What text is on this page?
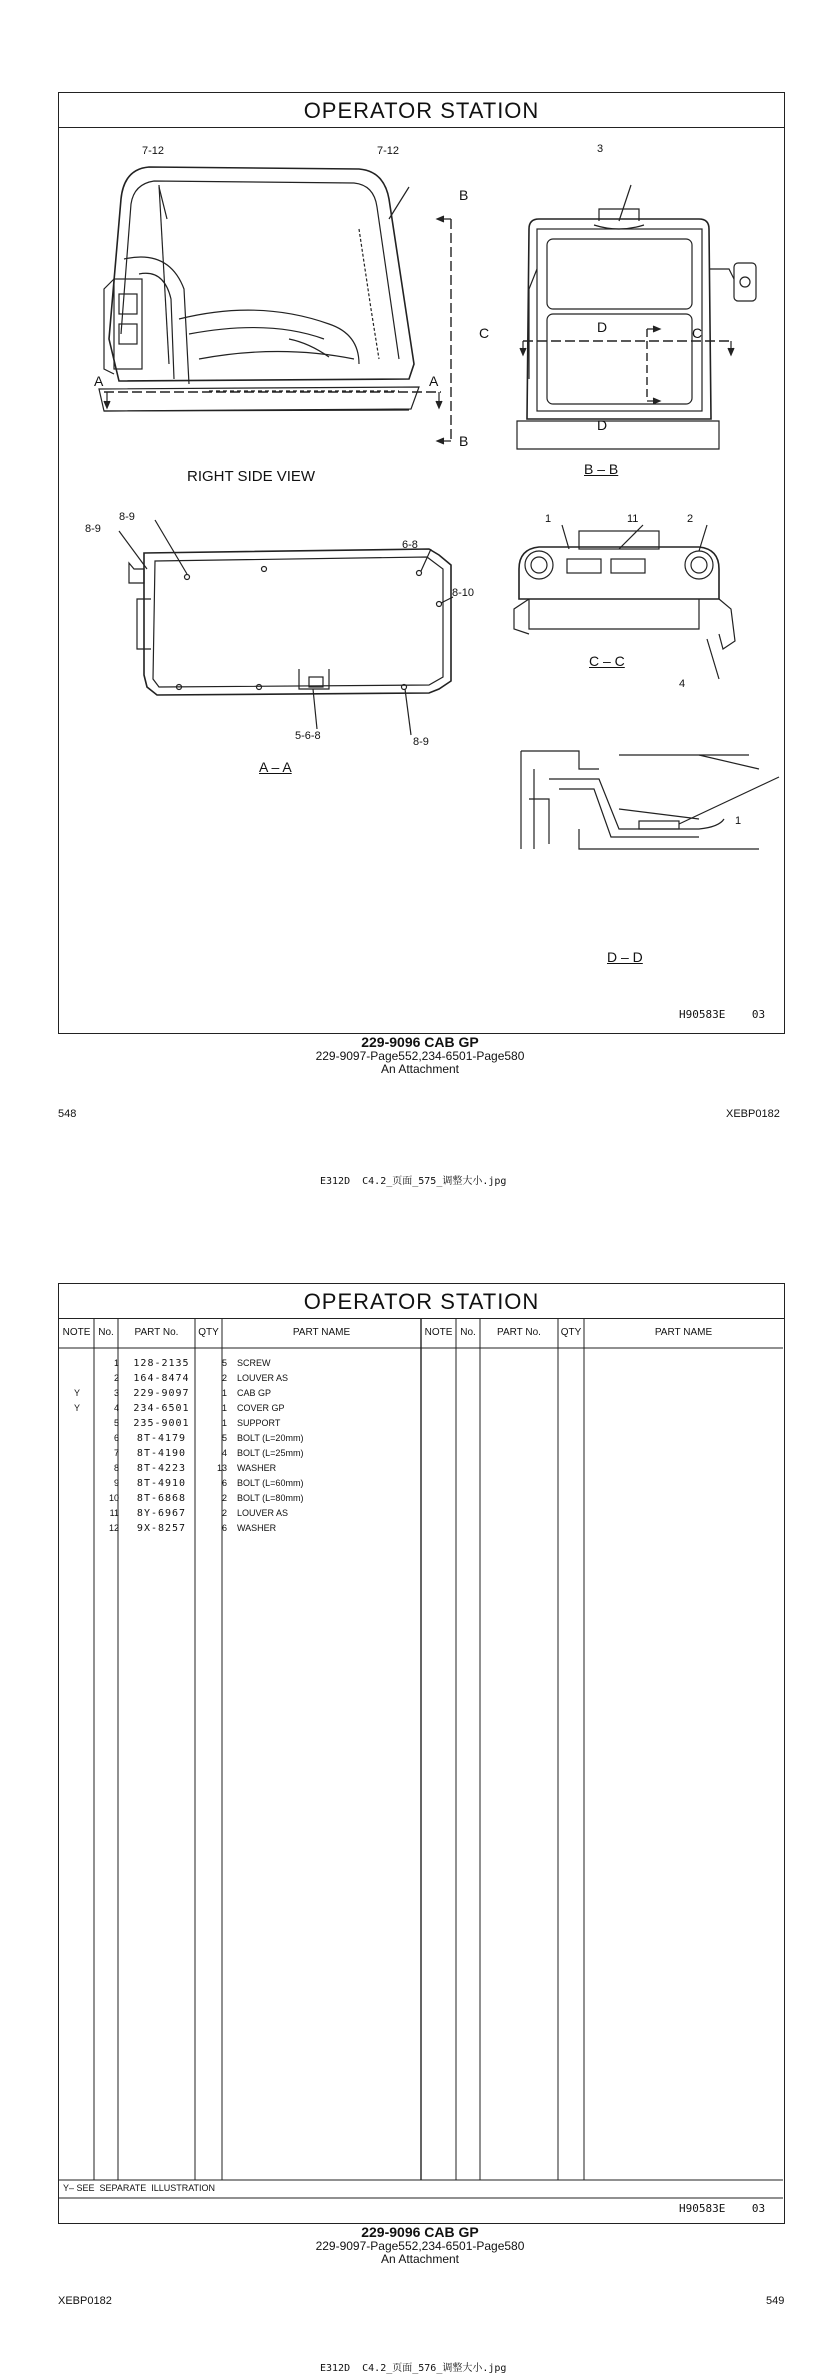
OPERATOR STATION
7-12	7-12	3
B
B
A	A
C	C
D
D
RIGHT SIDE VIEW	B – B
8-9
8-9
6-8
8-10
5-6-8
A – A
8-9
1	11	2
4
C – C
1
D – D
H90583E    03
229-9096 CAB GP
229-9097-Page552,234-6501-Page580
An Attachment
548	XEBP0182
E312D  C4.2_页面_575_调整大小.jpg
OPERATOR STATION
NOTE No.	PART No.	QTY	PART NAME	NOTE No.	PART No.	QTY	PART NAME
	1	128-2135	5	SCREW
	2	164-8474	2	LOUVER AS
Y	3	229-9097	1	CAB GP
Y	4	234-6501	1	COVER GP
	5	235-9001	1	SUPPORT
	6	8T-4179	5	BOLT (L=20mm)
	7	8T-4190	4	BOLT (L=25mm)
	8	8T-4223	13	WASHER
	9	8T-4910	6	BOLT (L=60mm)
	10	8T-6868	2	BOLT (L=80mm)
	11	8Y-6967	2	LOUVER AS
	12	9X-8257	6	WASHER
Y– SEE  SEPARATE  ILLUSTRATION
H90583E    03
229-9096 CAB GP
229-9097-Page552,234-6501-Page580
An Attachment
XEBP0182	549
E312D  C4.2_页面_576_调整大小.jpg
